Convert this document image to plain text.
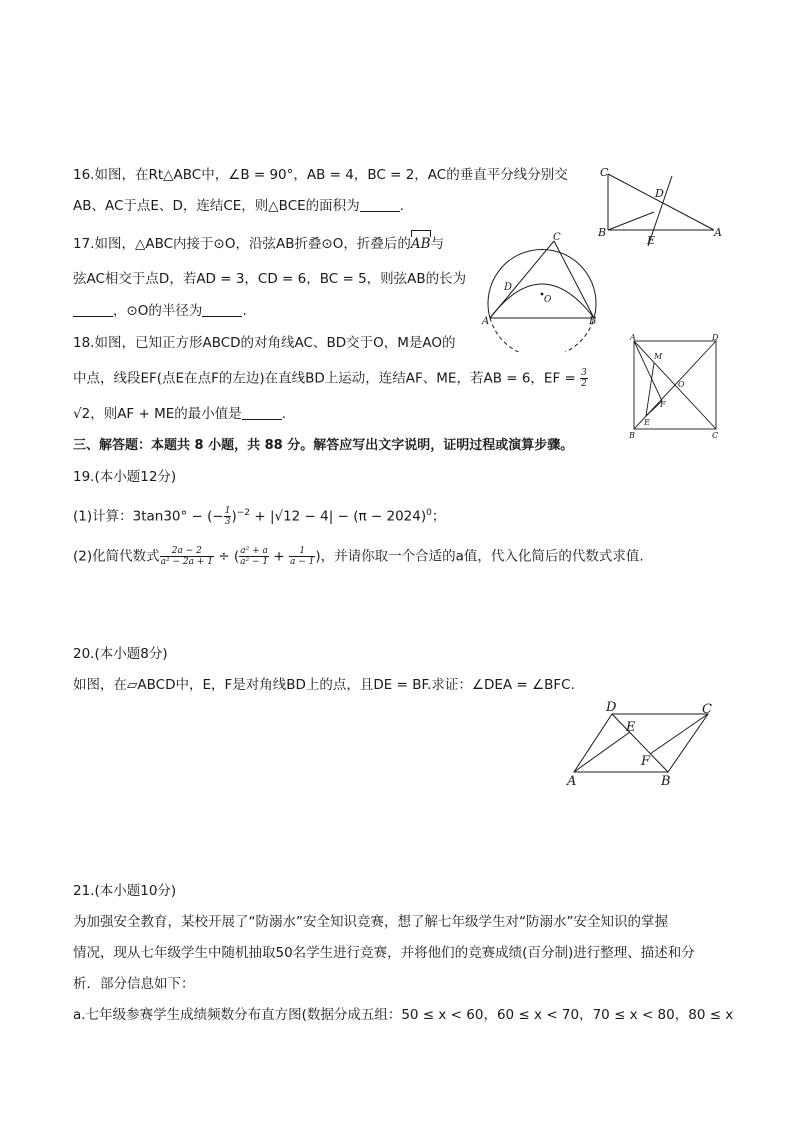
16.如图，在Rt△ABC中，∠B = 90°，AB = 4，BC = 2，AC的垂直平分线分别交
AB、AC于点E、D，连结CE，则△BCE的面积为	.
C
D
B
E
A
17.如图，△ABC内接于⊙O，沿弦AB折叠⊙O，折叠后的AB与
弦AC相交于点D，若AD = 3，CD = 6，BC = 5，则弦AB的长为
，⊙O的半径为	.
C
D
O
A	B
18.如图，已知正方形ABCD的对角线AC、BD交于O，M是AO的
中点，线段EF(点E在点F的左边)在直线BD上运动，连结AF、ME，若AB = 6，EF = $\frac{3}{2}$
√2，则AF + ME的最小值是	.
A	D
M
O
F
E
B	C
三、解答题：本题共 8 小题，共 88 分。解答应写出文字说明，证明过程或演算步骤。
19.(本小题12分)
(1)计算：3tan30° − (− $\frac{1}{3} )^{-2} + |√12 - 4| - (\pi - 2024)^0$；
(2)化简代数式 $\frac{2a - 2}{\text{a² − 2a + 1}}$ ÷ ( $\frac{\text{a² + a}}{\text{a² − 1}} + \frac{1}{a - 1}$ )，并请你取一个合适的a值，代入化简后的代数式求值.
20.(本小题8分)
如图，在▱ABCD中，E，F是对角线BD上的点，且DE = BF.求证：∠DEA = ∠BFC.
D	C
E
F
A	B
21.(本小题10分)
为加强安全教育，某校开展了“防溺水”安全知识竞赛，想了解七年级学生对“防溺水”安全知识的掌握
情况，现从七年级学生中随机抽取50名学生进行竞赛，并将他们的竞赛成绩(百分制)进行整理、描述和分
析．部分信息如下：
a.七年级参赛学生成绩频数分布直方图(数据分成五组：50 ≤ x < 60，60 ≤ x < 70，70 ≤ x < 80，80 ≤ x
